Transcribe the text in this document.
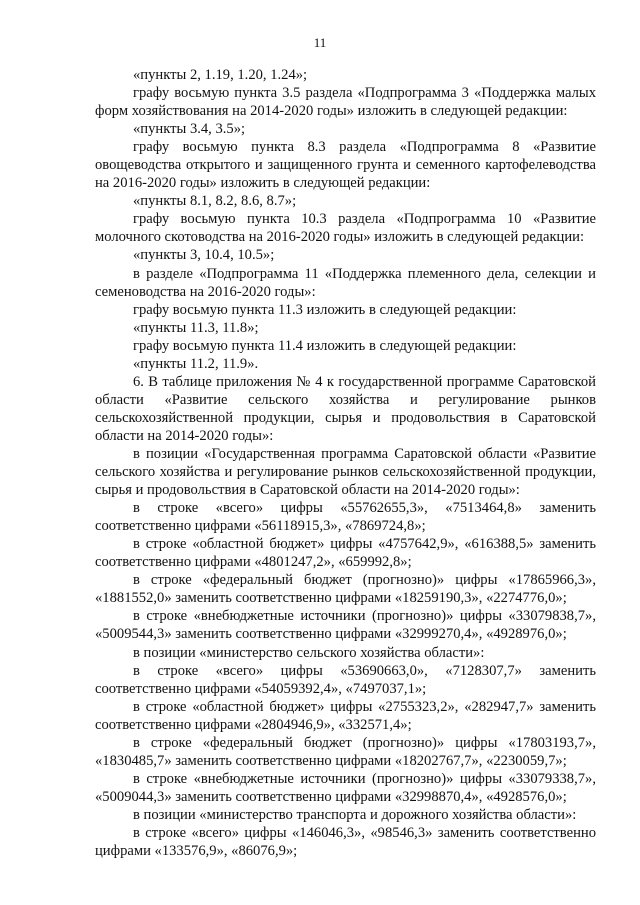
11

«пункты 2, 1.19, 1.20, 1.24»;

графу восьмую пункта 3.5 раздела «Подпрограмма 3 «Поддержка малых форм хозяйствования на 2014-2020 годы» изложить в следующей редакции:

«пункты 3.4, 3.5»;

графу восьмую пункта 8.3 раздела «Подпрограмма 8 «Развитие овощеводства открытого и защищенного грунта и семенного картофелеводства на 2016-2020 годы» изложить в следующей редакции:

«пункты 8.1, 8.2, 8.6, 8.7»;

графу восьмую пункта 10.3 раздела «Подпрограмма 10 «Развитие молочного скотоводства на 2016-2020 годы» изложить в следующей редакции:

«пункты 3, 10.4, 10.5»;

в разделе «Подпрограмма 11 «Поддержка племенного дела, селекции и семеноводства на 2016-2020 годы»:

графу восьмую пункта 11.3 изложить в следующей редакции:

«пункты 11.3, 11.8»;

графу восьмую пункта 11.4 изложить в следующей редакции:

«пункты 11.2, 11.9».

6. В таблице приложения № 4 к государственной программе Саратовской области «Развитие сельского хозяйства и регулирование рынков сельскохозяйственной продукции, сырья и продовольствия в Саратовской области на 2014-2020 годы»:

в позиции «Государственная программа Саратовской области «Развитие сельского хозяйства и регулирование рынков сельскохозяйственной продукции, сырья и продовольствия в Саратовской области на 2014-2020 годы»:

в строке «всего» цифры «55762655,3», «7513464,8» заменить соответственно цифрами «56118915,3», «7869724,8»;

в строке «областной бюджет» цифры «4757642,9», «616388,5» заменить соответственно цифрами «4801247,2», «659992,8»;

в строке «федеральный бюджет (прогнозно)» цифры «17865966,3», «1881552,0» заменить соответственно цифрами «18259190,3», «2274776,0»;

в строке «внебюджетные источники (прогнозно)» цифры «33079838,7», «5009544,3» заменить соответственно цифрами «32999270,4», «4928976,0»;

в позиции «министерство сельского хозяйства области»:

в строке «всего» цифры «53690663,0», «7128307,7» заменить соответственно цифрами «54059392,4», «7497037,1»;

в строке «областной бюджет» цифры «2755323,2», «282947,7» заменить соответственно цифрами «2804946,9», «332571,4»;

в строке «федеральный бюджет (прогнозно)» цифры «17803193,7», «1830485,7» заменить соответственно цифрами «18202767,7», «2230059,7»;

в строке «внебюджетные источники (прогнозно)» цифры «33079338,7», «5009044,3» заменить соответственно цифрами «32998870,4», «4928576,0»;

в позиции «министерство транспорта и дорожного хозяйства области»:

в строке «всего» цифры «146046,3», «98546,3» заменить соответственно цифрами «133576,9», «86076,9»;
